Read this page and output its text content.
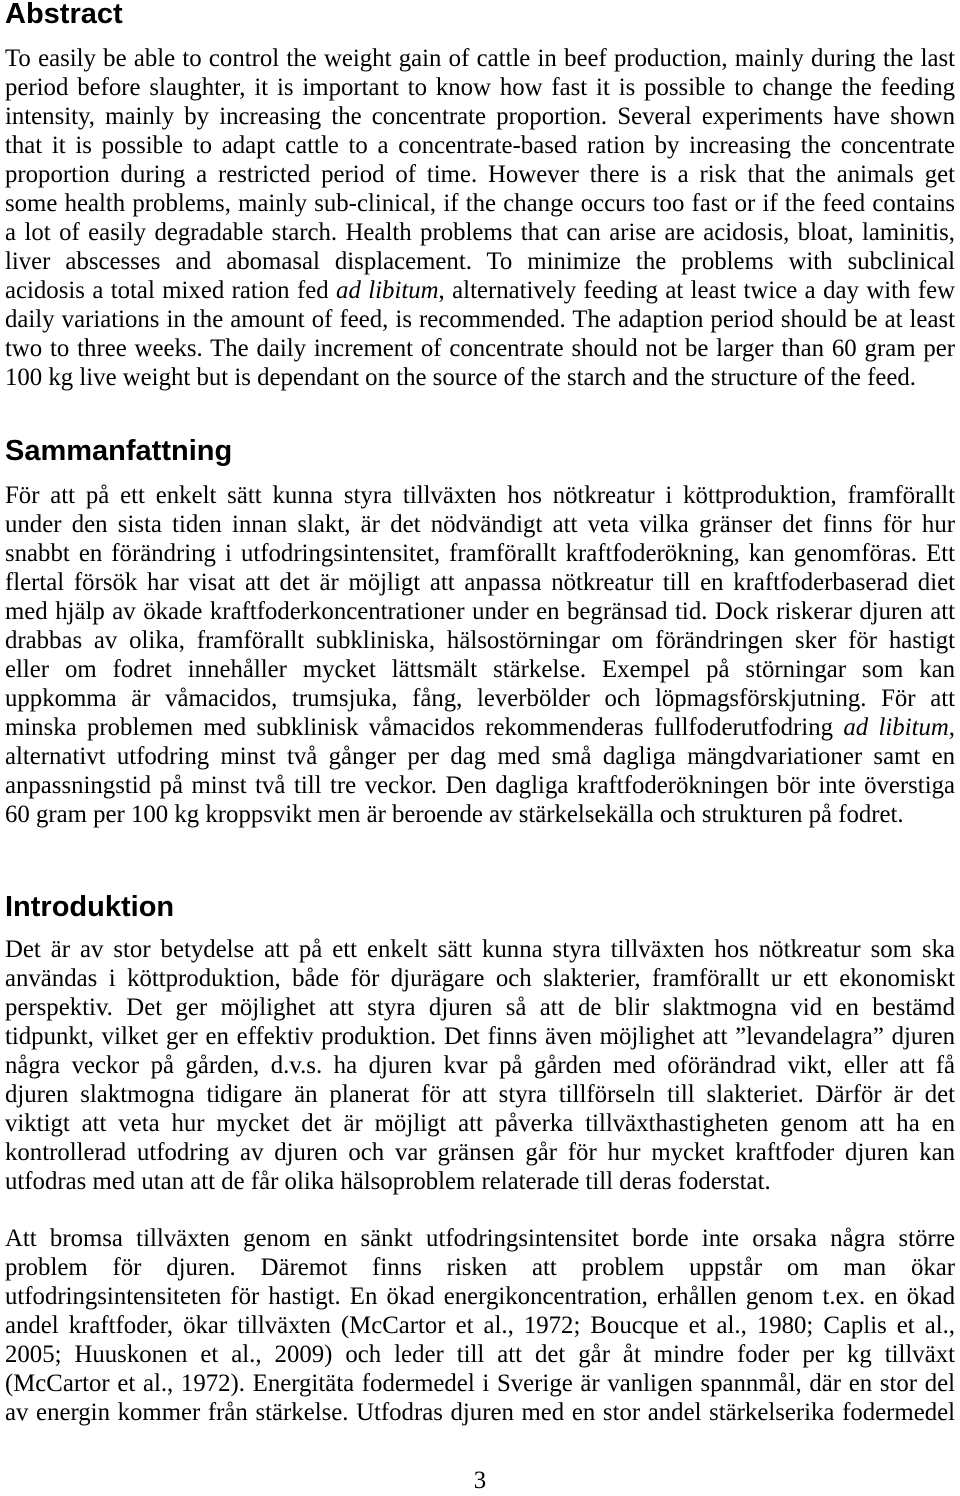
Abstract
To easily be able to control the weight gain of cattle in beef production, mainly during the last
period before slaughter, it is important to know how fast it is possible to change the feeding
intensity, mainly by increasing the concentrate proportion. Several experiments have shown
that it is possible to adapt cattle to a concentrate-based ration by increasing the concentrate
proportion during a restricted period of time. However there is a risk that the animals get
some health problems, mainly sub-clinical, if the change occurs too fast or if the feed contains
a lot of easily degradable starch. Health problems that can arise are acidosis, bloat, laminitis,
liver abscesses and abomasal displacement. To minimize the problems with subclinical
acidosis a total mixed ration fed ad libitum, alternatively feeding at least twice a day with few
daily variations in the amount of feed, is recommended. The adaption period should be at least
two to three weeks. The daily increment of concentrate should not be larger than 60 gram per
100 kg live weight but is dependant on the source of the starch and the structure of the feed.
Sammanfattning
För att på ett enkelt sätt kunna styra tillväxten hos nötkreatur i köttproduktion, framförallt
under den sista tiden innan slakt, är det nödvändigt att veta vilka gränser det finns för hur
snabbt en förändring i utfodringsintensitet, framförallt kraftfoderökning, kan genomföras. Ett
flertal försök har visat att det är möjligt att anpassa nötkreatur till en kraftfoderbaserad diet
med hjälp av ökade kraftfoderkoncentrationer under en begränsad tid. Dock riskerar djuren att
drabbas av olika, framförallt subkliniska, hälsostörningar om förändringen sker för hastigt
eller om fodret innehåller mycket lättsmält stärkelse. Exempel på störningar som kan
uppkomma är våmacidos, trumsjuka, fång, leverbölder och löpmagsförskjutning. För att
minska problemen med subklinisk våmacidos rekommenderas fullfoderutfodring ad libitum,
alternativt utfodring minst två gånger per dag med små dagliga mängdvariationer samt en
anpassningstid på minst två till tre veckor. Den dagliga kraftfoderökningen bör inte överstiga
60 gram per 100 kg kroppsvikt men är beroende av stärkelsekälla och strukturen på fodret.
Introduktion
Det är av stor betydelse att på ett enkelt sätt kunna styra tillväxten hos nötkreatur som ska
användas i köttproduktion, både för djurägare och slakterier, framförallt ur ett ekonomiskt
perspektiv. Det ger möjlighet att styra djuren så att de blir slaktmogna vid en bestämd
tidpunkt, vilket ger en effektiv produktion. Det finns även möjlighet att ”levandelagra” djuren
några veckor på gården, d.v.s. ha djuren kvar på gården med oförändrad vikt, eller att få
djuren slaktmogna tidigare än planerat för att styra tillförseln till slakteriet. Därför är det
viktigt att veta hur mycket det är möjligt att påverka tillväxthastigheten genom att ha en
kontrollerad utfodring av djuren och var gränsen går för hur mycket kraftfoder djuren kan
utfodras med utan att de får olika hälsoproblem relaterade till deras foderstat.
Att bromsa tillväxten genom en sänkt utfodringsintensitet borde inte orsaka några större
problem för djuren. Däremot finns risken att problem uppstår om man ökar
utfodringsintensiteten för hastigt. En ökad energikoncentration, erhållen genom t.ex. en ökad
andel kraftfoder, ökar tillväxten (McCartor et al., 1972; Boucque et al., 1980; Caplis et al.,
2005; Huuskonen et al., 2009) och leder till att det går åt mindre foder per kg tillväxt
(McCartor et al., 1972). Energitäta fodermedel i Sverige är vanligen spannmål, där en stor del
av energin kommer från stärkelse. Utfodras djuren med en stor andel stärkelserika fodermedel
3
